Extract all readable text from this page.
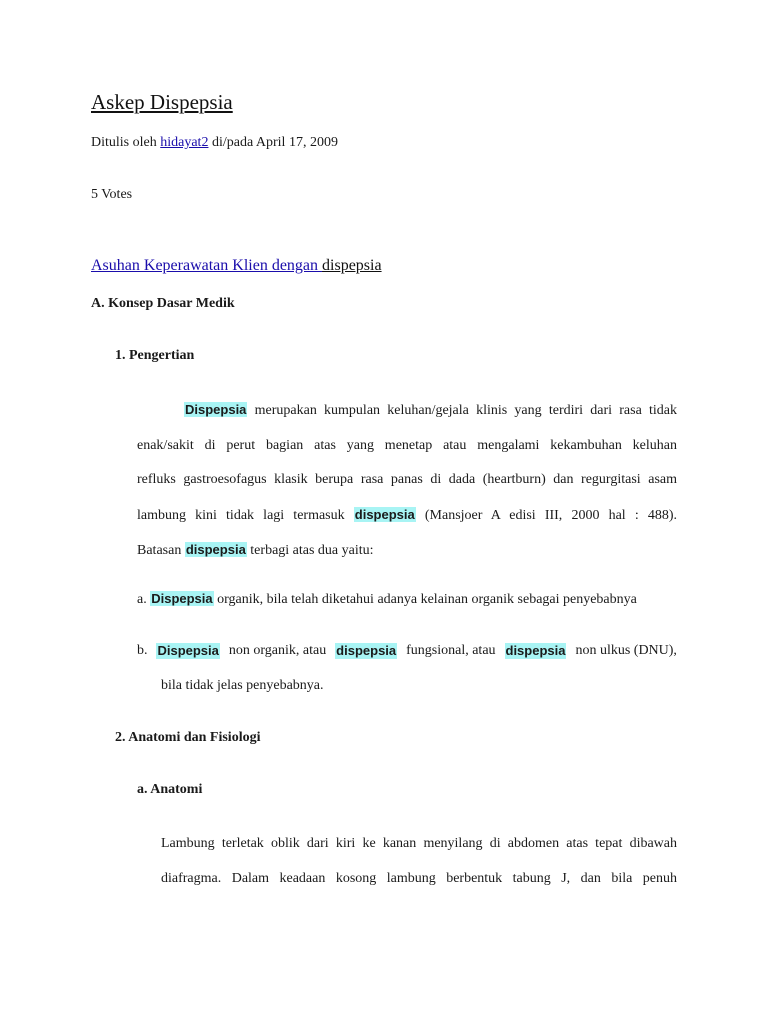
Askep Dispepsia
Ditulis oleh hidayat2 di/pada April 17, 2009
5 Votes
Asuhan Keperawatan Klien dengan dispepsia
A. Konsep Dasar Medik
1. Pengertian
Dispepsia merupakan kumpulan keluhan/gejala klinis yang terdiri dari rasa tidak
enak/sakit di perut bagian atas yang menetap atau mengalami kekambuhan keluhan
refluks gastroesofagus klasik berupa rasa panas di dada (heartburn) dan regurgitasi asam
lambung kini tidak lagi termasuk dispepsia (Mansjoer A edisi III, 2000 hal : 488).
Batasan dispepsia terbagi atas dua yaitu:
a. Dispepsia organik, bila telah diketahui adanya kelainan organik sebagai penyebabnya
b. Dispepsia non organik, atau dispepsia fungsional, atau dispepsia non ulkus (DNU),
bila tidak jelas penyebabnya.
2. Anatomi dan Fisiologi
a. Anatomi
Lambung terletak oblik dari kiri ke kanan menyilang di abdomen atas tepat dibawah
diafragma. Dalam keadaan kosong lambung berbentuk tabung J, dan bila penuh
